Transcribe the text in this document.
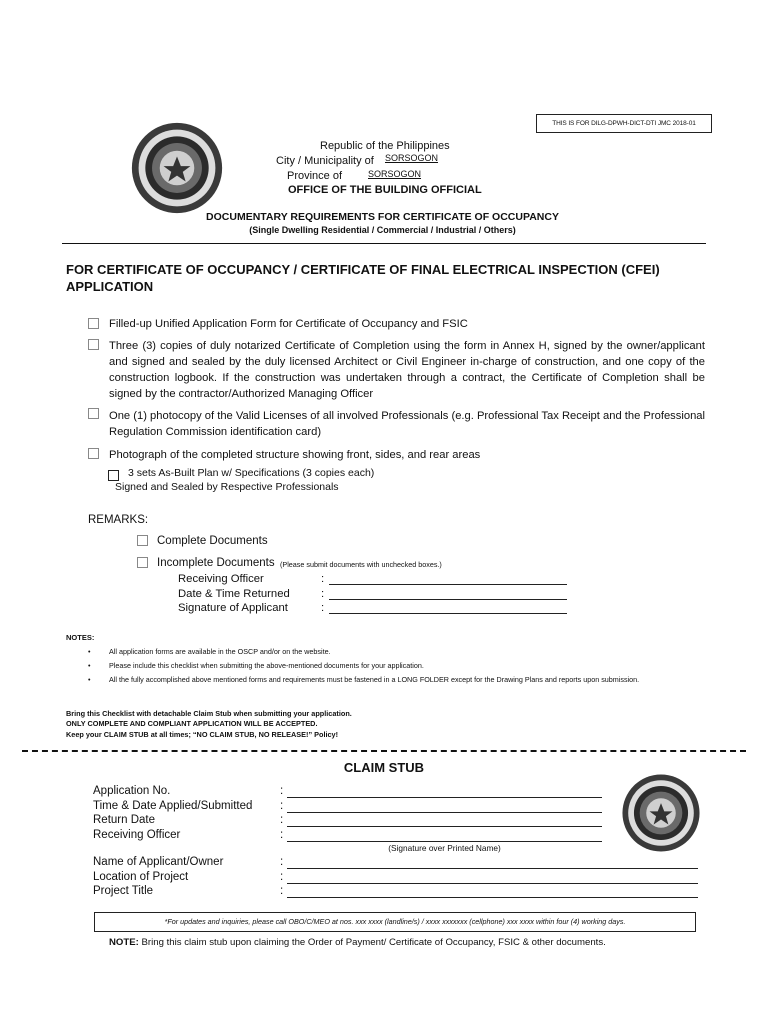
THIS IS FOR DILG-DPWH-DICT-DTI JMC 2018-01
Republic of the Philippines
City / Municipality of SORSOGON
Province of	SORSOGON
OFFICE OF THE BUILDING OFFICIAL
DOCUMENTARY REQUIREMENTS FOR CERTIFICATE OF OCCUPANCY
(Single Dwelling Residential / Commercial / Industrial / Others)
FOR CERTIFICATE OF OCCUPANCY / CERTIFICATE OF FINAL ELECTRICAL INSPECTION (CFEI)
APPLICATION
Filled-up Unified Application Form for Certificate of Occupancy and FSIC
Three (3) copies of duly notarized Certificate of Completion using the form in Annex H, signed by the owner/applicant and signed and sealed by the duly licensed Architect or Civil Engineer in-charge of construction, and one copy of the construction logbook. If the construction was undertaken through a contract, the Certificate of Completion shall be signed by the contractor/Authorized Managing Officer
One (1) photocopy of the Valid Licenses of all involved Professionals (e.g. Professional Tax Receipt and the Professional Regulation Commission identification card)
Photograph of the completed structure showing front, sides, and rear areas
3 sets As-Built Plan w/ Specifications (3 copies each)
Signed and Sealed by Respective Professionals
REMARKS:
Complete Documents
Incomplete Documents (Please submit documents with unchecked boxes.)
Receiving Officer	:
Date & Time Returned	:
Signature of Applicant	:
NOTES:
•	All application forms are available in the OSCP and/or on the website.
•	Please include this checklist when submitting the above-mentioned documents for your application.
•	All the fully accomplished above mentioned forms and requirements must be fastened in a LONG FOLDER except for the Drawing Plans and reports upon submission.
Bring this Checklist with detachable Claim Stub when submitting your application.
ONLY COMPLETE AND COMPLIANT APPLICATION WILL BE ACCEPTED.
Keep your CLAIM STUB at all times; “NO CLAIM STUB, NO RELEASE!” Policy!
CLAIM STUB
Application No.	:
Time & Date Applied/Submitted :
Return Date	:
Receiving Officer	:
(Signature over Printed Name)
Name of Applicant/Owner	:
Location of Project	:
Project Title	:
*For updates and inquiries, please call OBO/C/MEO at nos. xxx xxxx (landline/s) / xxxx xxxxxxx (cellphone) xxx xxxx within four (4) working days.
NOTE: Bring this claim stub upon claiming the Order of Payment/ Certificate of Occupancy, FSIC & other documents.
